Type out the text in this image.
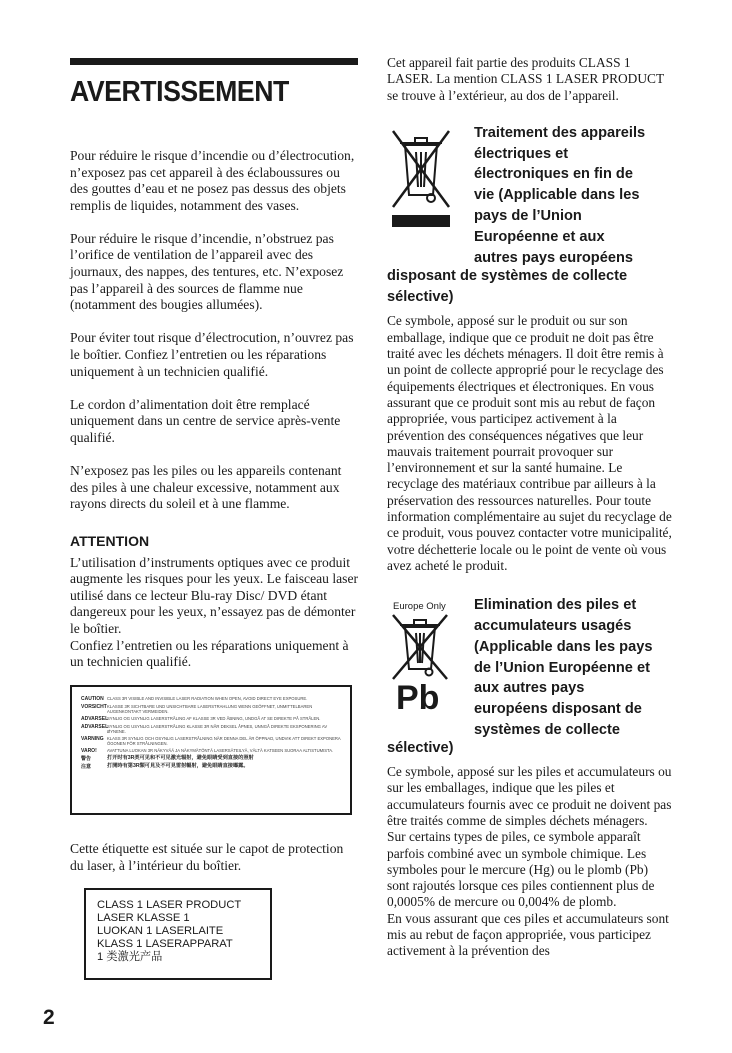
AVERTISSEMENT

Pour réduire le risque d’incendie ou d’électrocution, n’exposez pas cet appareil à des éclaboussures ou des gouttes d’eau et ne posez pas dessus des objets remplis de liquides, notamment des vases.

Pour réduire le risque d’incendie, n’obstruez pas l’orifice de ventilation de l’appareil avec des journaux, des nappes, des tentures, etc. N’exposez pas l’appareil à des sources de flamme nue (notamment des bougies allumées).

Pour éviter tout risque d’électrocution, n’ouvrez pas le boîtier. Confiez l’entretien ou les réparations uniquement à un technicien qualifié.

Le cordon d’alimentation doit être remplacé uniquement dans un centre de service après-vente qualifié.

N’exposez pas les piles ou les appareils contenant des piles à une chaleur excessive, notamment aux rayons directs du soleil et à une flamme.

ATTENTION

L’utilisation d’instruments optiques avec ce produit augmente les risques pour les yeux. Le faisceau laser utilisé dans ce lecteur Blu-ray Disc/ DVD étant dangereux pour les yeux, n’essayez pas de démonter le boîtier.

Confiez l’entretien ou les réparations uniquement à un technicien qualifié.

CAUTION CLASS 3R VISIBLE AND INVISIBLE LASER RADIATION WHEN OPEN, AVOID DIRECT EYE EXPOSURE.
VORSICHT KLASSE 3R SICHTBARE UND UNSICHTBARE LASERSTRAHLUNG WENN GEÖFFNET, UNMITTELBAREN AUGENKONTAKT VERMEIDEN.
ADVARSEL
SYNLIG OG USYNLIG LASERSTRÅLING AF KLASSE 3R VED ÅBNING, UNDGÅ AT SE DIREKTE PÅ STRÅLEN.
ADVARSEL
SYNLIG OG USYNLIG LASERSTRÅLING KLASSE 3R NÅR DEKSEL ÅPNES, UNNGÅ DIREKTE EKSPONERING AV ØYNENE.
VARNING KLASS 3R SYNLIG OCH OSYNLIG LASERSTRÅLNING NÄR DENNA DEL ÄR ÖPPNAD, UNDVIK ATT DIREKT EXPONERA ÖGONEN FÖR STRÅLNINGEN.
VARO!	AVATTUNA LUOKAN 3R NÄKYVÄÄ JA NÄKYMÄTÖNTÄ LASERSÄTEILYÄ, VÄLTÄ KATSEEN SUORAA ALTISTUMISTA.
警告	打开时有3R类可见和不可见激光辐射，避免眼睛受到直接的照射
注意	打開時有第3R類可見及不可見雷射輻射，避免眼睛直接曝露。

Cette étiquette est située sur le capot de protection du laser, à l’intérieur du boîtier.

CLASS 1 LASER PRODUCT
LASER KLASSE 1
LUOKAN 1 LASERLAITE
KLASS 1 LASERAPPARAT
1 类激光产品
2

Cet appareil fait partie des produits CLASS 1 LASER. La mention CLASS 1 LASER PRODUCT se trouve à l’extérieur, au dos de l’appareil.

Traitement des appareils

électriques et

électroniques en fin de

vie (Applicable dans les

pays de l’Union

Européenne et aux

autres pays européens

disposant de systèmes de collecte sélective)

Ce symbole, apposé sur le produit ou sur son emballage, indique que ce produit ne doit pas être traité avec les déchets ménagers. Il doit être remis à un point de collecte approprié pour le recyclage des équipements électriques et électroniques. En vous assurant que ce produit sont mis au rebut de façon appropriée, vous participez activement à la prévention des conséquences négatives que leur mauvais traitement pourrait provoquer sur l’environnement et sur la santé humaine. Le recyclage des matériaux contribue par ailleurs à la préservation des ressources naturelles. Pour toute information complémentaire au sujet du recyclage de ce produit, vous pouvez contacter votre municipalité, votre déchetterie locale ou le point de vente où vous avez acheté le produit.

Europe Only
Pb

Elimination des piles et

accumulateurs usagés

(Applicable dans les pays

de l’Union Européenne et

aux autres pays

européens disposant de

systèmes de collecte

sélective)

Ce symbole, apposé sur les piles et accumulateurs ou sur les emballages, indique que les piles et accumulateurs fournis avec ce produit ne doivent pas être traités comme de simples déchets ménagers.

Sur certains types de piles, ce symbole apparaît parfois combiné avec un symbole chimique. Les symboles pour le mercure (Hg) ou le plomb (Pb) sont rajoutés lorsque ces piles contiennent plus de 0,0005% de mercure ou 0,004% de plomb.

En vous assurant que ces piles et accumulateurs sont mis au rebut de façon appropriée, vous participez activement à la prévention des
